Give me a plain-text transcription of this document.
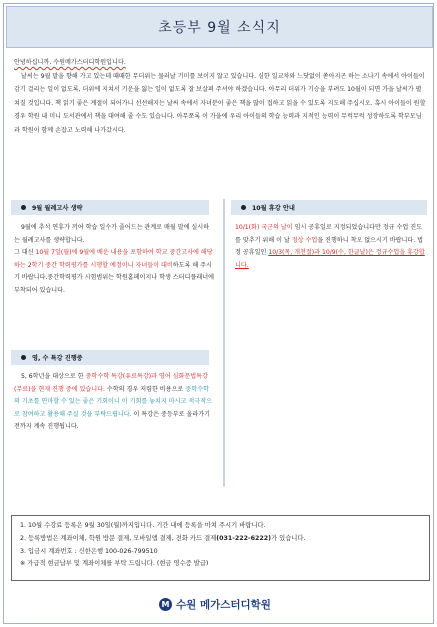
초등부 9월 소식지
안녕하십니까. 수원메가스터디학원입니다.
날씨는 9월 말을 향해 가고 있는데 때때한 무더위는 물러날 기미를 보이지 않고 있습니다. 심한 일교차와 느닷없이 쏟아지곤 하는 소나기 속에서 아이들이 감기 걸리는 일이 없도록, 더위에 지쳐서 기운을 잃는 일이 없도록 잘 보살펴 주셔야 하겠습니다. 아무리 더위가 기승을 부려도 10월이 되면 가을 날씨가 펼쳐질 것입니다. 책 읽기 좋은 계절이 되어가니 선선해지는 날씨 속에서 자녀분이 좋은 책을 많이 접하고 읽을 수 있도록 지도해 주십시오. 혹시 아이들이 원할 경우 학원 내 미니 도서관에서 책을 대여해 줄 수도 있습니다. 아무쪼록 이 가을에 우리 아이들의 학습 능력과 지적인 능력이 무럭무럭 성장하도록 학부모님과 학원이 함께 손잡고 노력해 나가갔시다.
9월 월례고사 생략
9월에 추석 연휴가 끼어 학습 일수가 줄어드는 관계로 매월 말에 실시하는 월례고사를 생략합니다.
그 대신 10월 7일(월)에 9월에 배운 내용을 포함하여 학교 중간고사에 해당하는 2학기 중간 학력평가를 시행할 예정이니 자녀들이 대비하도록 해 주시기 바랍니다.중간학력평가 시험범위는 학원홈페이지나 학생 스터디플래너에 부착되어 있습니다.
영, 수 특강 진행중
5, 6학년을 대상으로 한 중학수학 특강(유료특강)과 영어 심화문법특강(무료)을 현재 진행 중에 있습니다. 수학의 경우 저렴한 비용으로 중학수학의 기초를 연마할 수 있는 좋은 기회이니 이 기회를 놓치지 마시고 적극적으로 참여하고 활용해 주실 것을 부탁드립니다. 이 특강은 중등부로 올라가기 전까지 계속 진행됩니다.
10월 휴강 안내
10/1(화) 국군의 날이 임시 공휴일로 지정되었습니다만 정규 수업 진도를 맞추기 위해 이 날 정상 수업을 진행하니 착오 없으시기 바랍니다. 법정 공휴일인 10/3(목, 개천절)과 10/9(수, 한글날)은 정규수업을 휴강합니다.
1. 10월 수강료 등록은 9월 30일(월)까지입니다. 기간 내에 등록을 마쳐 주시기 바랍니다.
2. 등록방법은 계좌이체, 학원 방문 결제, 모바일앱 결제, 전화 카드 결제(031-222-6222)가 있습니다.
3. 입금시 계좌번호 : 신한은행 100-026-799510
※ 가급적 현금납부 및 계좌이체를 부탁 드립니다. (현금 영수증 발급)
M 수원 메가스터디학원
